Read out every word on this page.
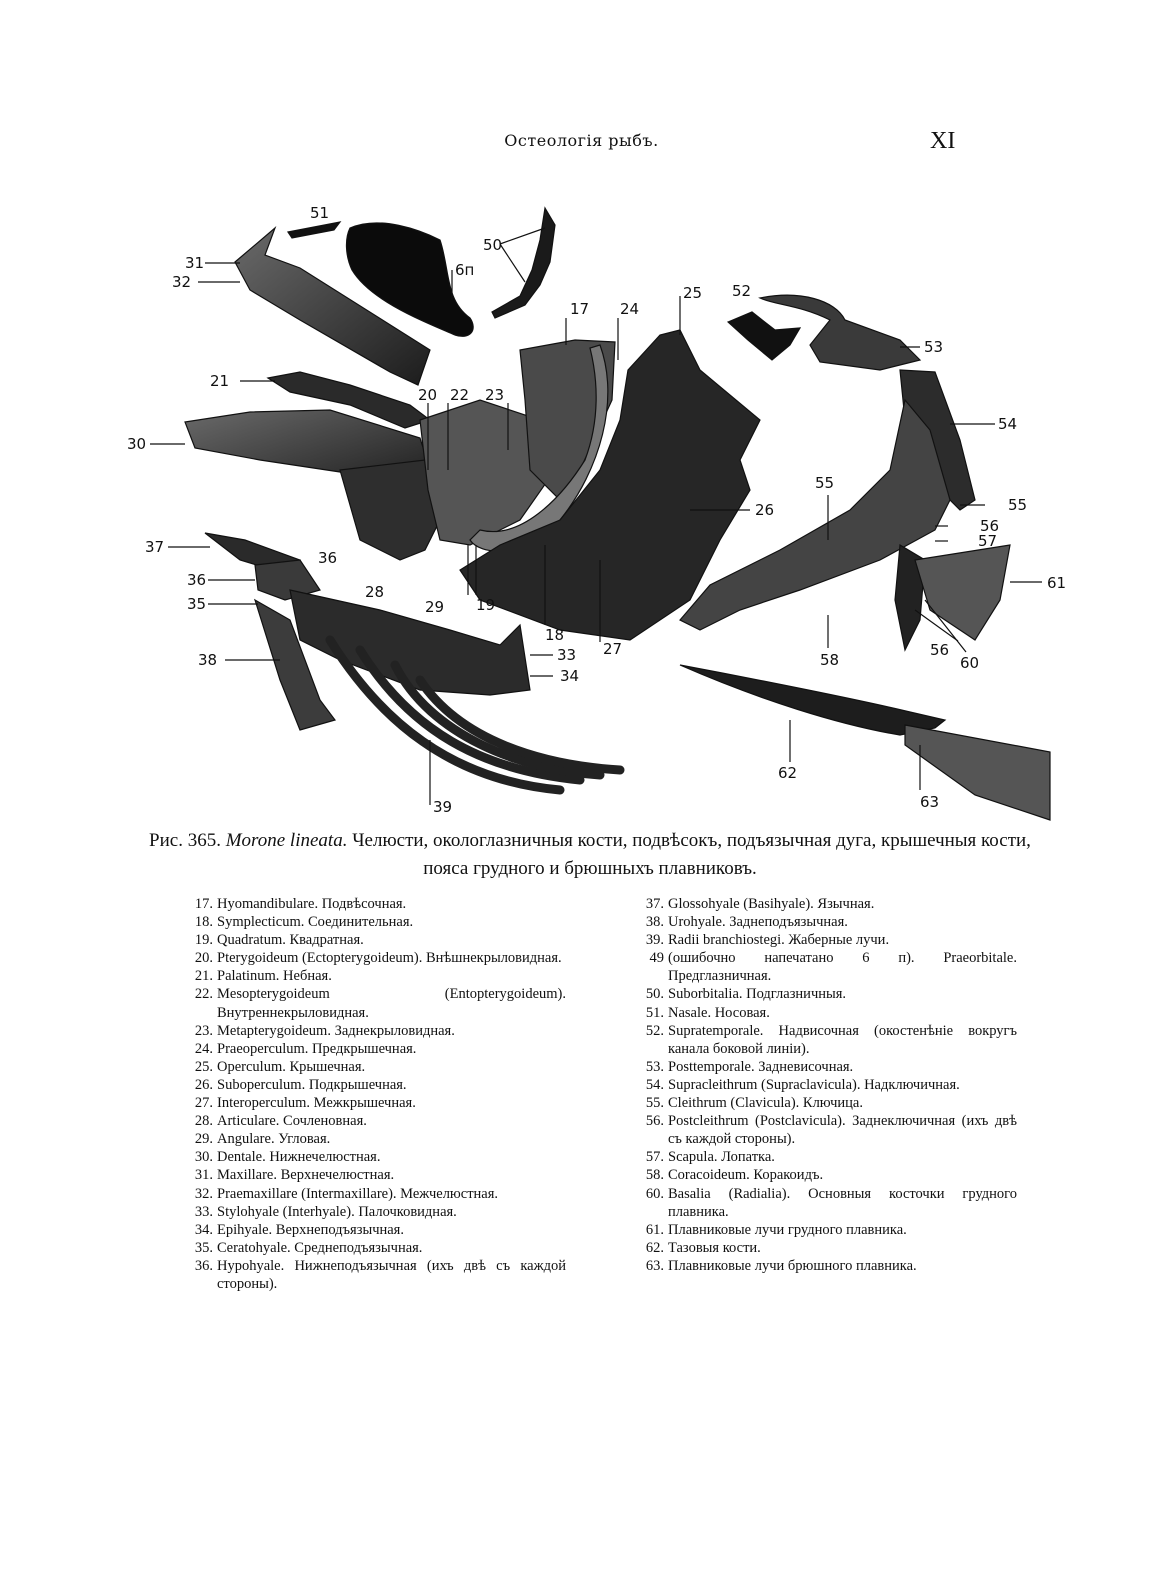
Остеологія рыбъ.	XI
51
31
32
50
6п
17 24
25 52
53
21
20 22 23
54
30
55
55
26
56
57
37
36
36
35
28
29 19
61
18
27
33
34
38	58
56
60
62
63
39
Рис. 365. Morone lineata. Челюсти, окологлазничныя кости, подвѣсокъ, подъязычная дуга, крышечныя кости, пояса грудного и брюшныхъ плавниковъ.
17. Hyomandibulare. Подвѣсочная.
18. Symplecticum. Соединительная.
19. Quadratum. Квадратная.
20. Pterygoideum (Ectopterygoideum). Внѣшнекрыловидная.
21. Palatinum. Небная.
22. Mesopterygoideum (Entopterygoideum). Внутреннекрыловидная.
23. Metapterygoideum. Заднекрыловидная.
24. Praeoperculum. Предкрышечная.
25. Operculum. Крышечная.
26. Suboperculum. Подкрышечная.
27. Interoperculum. Межкрышечная.
28. Articulare. Сочленовная.
29. Angulare. Угловая.
30. Dentale. Нижнечелюстная.
31. Maxillare. Верхнечелюстная.
32. Praemaxillare (Intermaxillare). Межчелюстная.
33. Stylohyale (Interhyale). Палочковидная.
34. Epihyale. Верхнеподъязычная.
35. Ceratohyale. Среднеподъязычная.
36. Hypohyale. Нижнеподъязычная (ихъ двѣ съ каждой стороны).
37. Glossohyale (Basihyale). Язычная.
38. Urohyale. Заднеподъязычная.
39. Radii branchiostegi. Жаберные лучи.
49 (ошибочно напечатано 6 п). Praeorbitale. Предглазничная.
50. Suborbitalia. Подглазничныя.
51. Nasale. Носовая.
52. Supratemporale. Надвисочная (окостенѣніе вокругъ канала боковой линіи).
53. Posttemporale. Задневисочная.
54. Supracleithrum (Supraclavicula). Надключичная.
55. Cleithrum (Clavicula). Ключица.
56. Postcleithrum (Postclavicula). Заднеключичная (ихъ двѣ съ каждой стороны).
57. Scapula. Лопатка.
58. Coracoideum. Коракоидъ.
60. Basalia (Radialia). Основныя косточки грудного плавника.
61. Плавниковые лучи грудного плавника.
62. Тазовыя кости.
63. Плавниковые лучи брюшного плавника.
